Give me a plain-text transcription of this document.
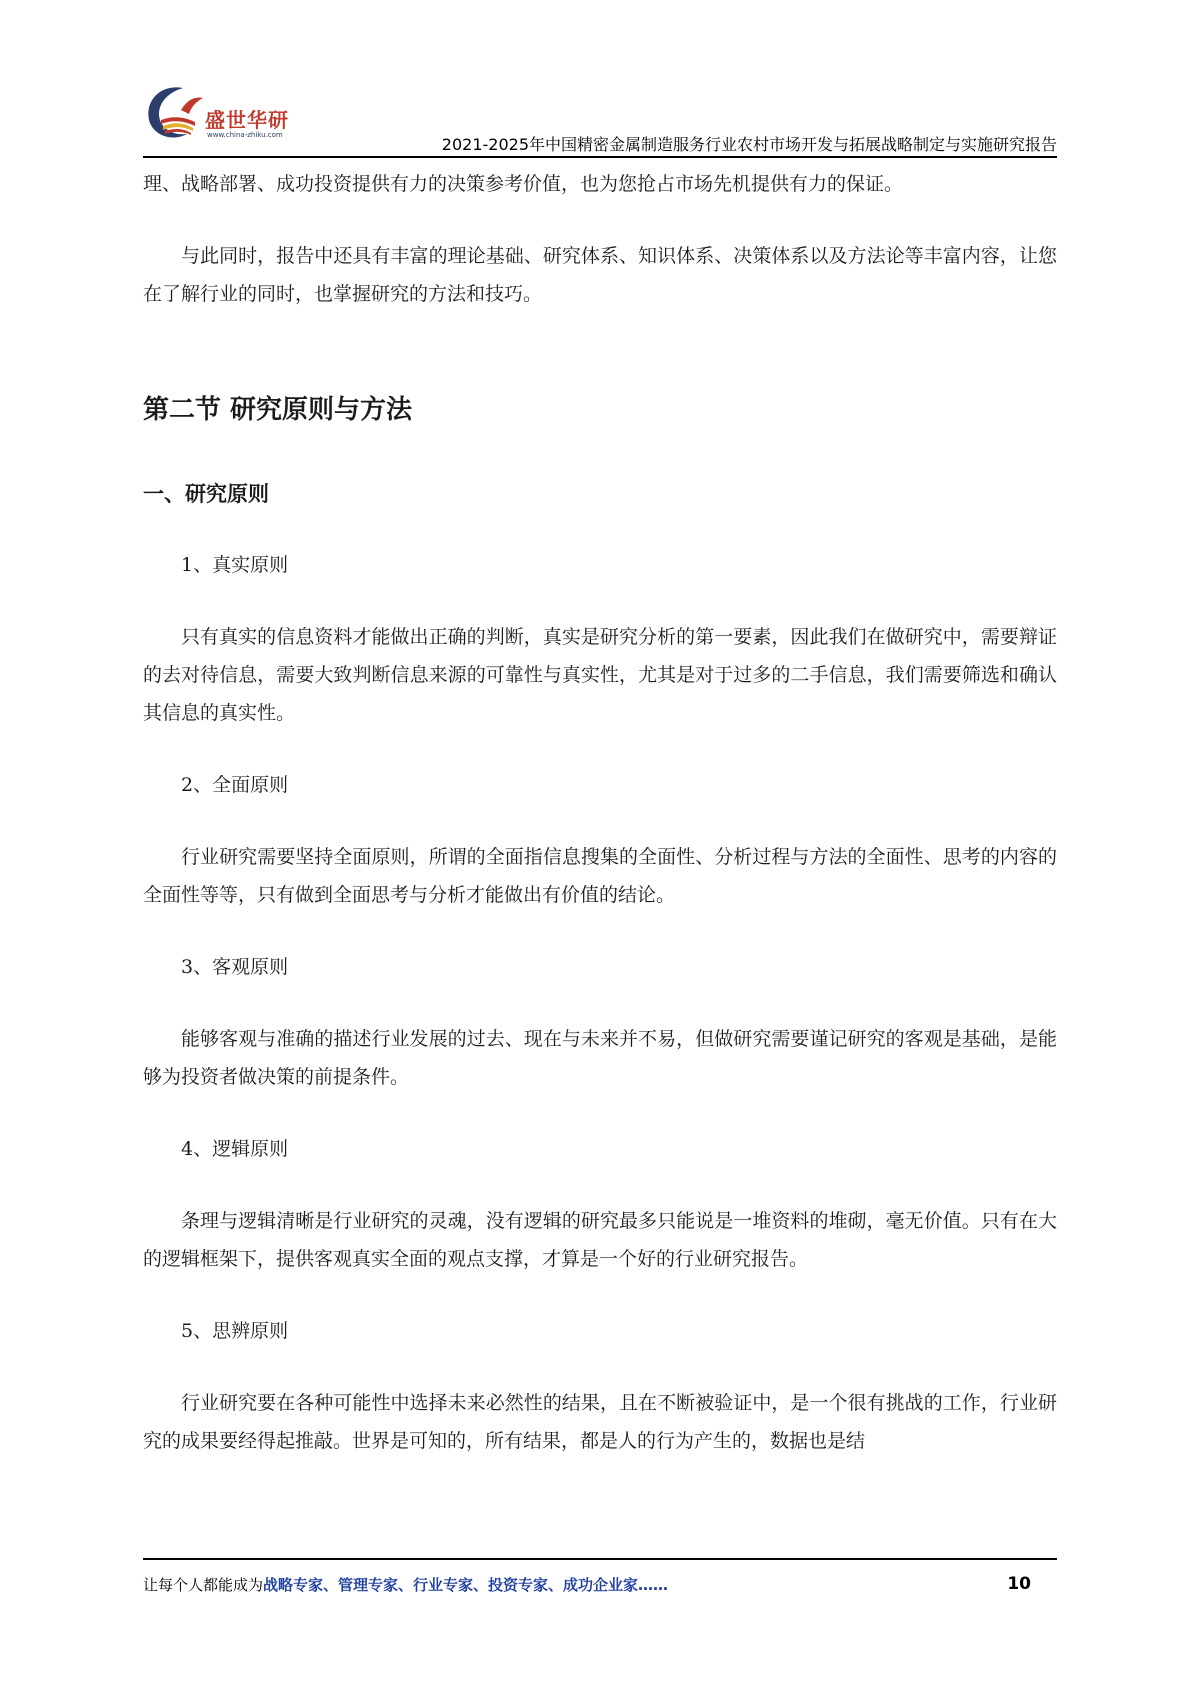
盛世华研
www.china-zhiku.com	2021-2025年中国精密金属制造服务行业农村市场开发与拓展战略制定与实施研究报告

理、战略部署、成功投资提供有力的决策参考价值，也为您抢占市场先机提供有力的保证。

与此同时，报告中还具有丰富的理论基础、研究体系、知识体系、决策体系以及方法论等丰富内容，让您在了解行业的同时，也掌握研究的方法和技巧。

第二节 研究原则与方法
一、研究原则

1、真实原则

只有真实的信息资料才能做出正确的判断，真实是研究分析的第一要素，因此我们在做研究中，需要辩证的去对待信息，需要大致判断信息来源的可靠性与真实性，尤其是对于过多的二手信息，我们需要筛选和确认其信息的真实性。

2、全面原则

行业研究需要坚持全面原则，所谓的全面指信息搜集的全面性、分析过程与方法的全面性、思考的内容的全面性等等，只有做到全面思考与分析才能做出有价值的结论。

3、客观原则

能够客观与准确的描述行业发展的过去、现在与未来并不易，但做研究需要谨记研究的客观是基础，是能够为投资者做决策的前提条件。

4、逻辑原则

条理与逻辑清晰是行业研究的灵魂，没有逻辑的研究最多只能说是一堆资料的堆砌，毫无价值。只有在大的逻辑框架下，提供客观真实全面的观点支撑，才算是一个好的行业研究报告。

5、思辨原则

行业研究要在各种可能性中选择未来必然性的结果，且在不断被验证中，是一个很有挑战的工作，行业研究的成果要经得起推敲。世界是可知的，所有结果，都是人的行为产生的，数据也是结

让每个人都能成为战略专家、管理专家、行业专家、投资专家、成功企业家……	10
